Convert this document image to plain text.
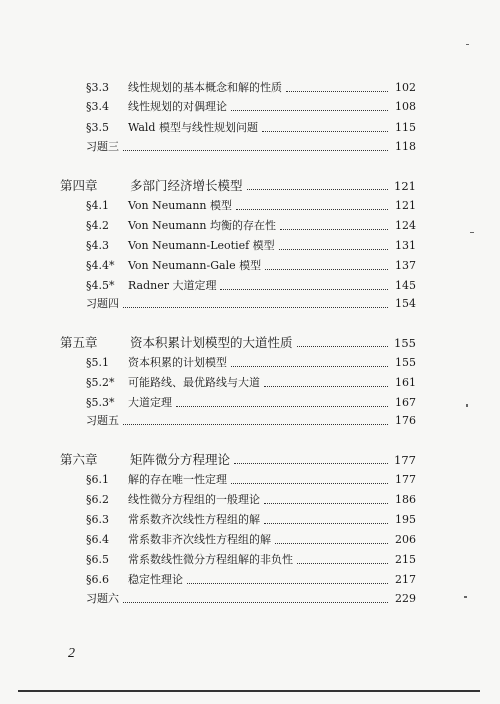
§3.3 线性规划的基本概念和解的性质	102
§3.4 线性规划的对偶理论	108
§3.5 Wald 模型与线性规划问题	115
习题三	118
第四章	多部门经济增长模型	121
§4.1 Von Neumann 模型	121
§4.2 Von Neumann 均衡的存在性	124
§4.3 Von Neumann-Leotief 模型	131
§4.4* Von Neumann-Gale 模型	137
§4.5* Radner 大道定理	145
习题四	154
第五章	资本积累计划模型的大道性质	155
§5.1 资本积累的计划模型	155
§5.2* 可能路线、最优路线与大道	161
§5.3* 大道定理	167
习题五	176
第六章	矩阵微分方程理论	177
§6.1 解的存在唯一性定理	177
§6.2 线性微分方程组的一般理论	186
§6.3 常系数齐次线性方程组的解	195
§6.4 常系数非齐次线性方程组的解	206
§6.5 常系数线性微分方程组解的非负性	215
§6.6 稳定性理论	217
习题六	229
2
